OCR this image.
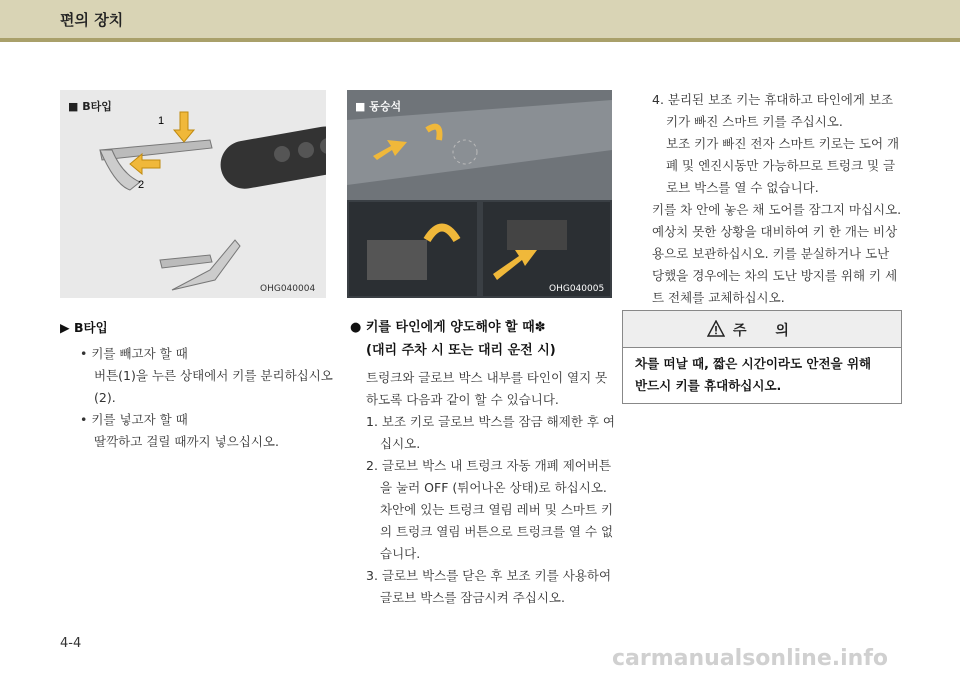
편의 장치
■ B타입
1
2
OHG040004
■ 동승석
OHG040005
▶ B타입
• 키를 빼고자 할 때
버튼(1)을 누른 상태에서 키를 분리하십시오
(2).
• 키를 넣고자 할 때
딸깍하고 걸릴 때까지 넣으십시오.
● 키를 타인에게 양도해야 할 때✽
(대리 주차 시 또는 대리 운전 시)
트렁크와 글로브 박스 내부를 타인이 열지 못
하도록 다음과 같이 할 수 있습니다.
1. 보조 키로 글로브 박스를 잠금 해제한 후 여
십시오.
2. 글로브 박스 내 트렁크 자동 개폐 제어버튼
을 눌러 OFF (튀어나온 상태)로 하십시오.
차안에 있는 트렁크 열림 레버 및 스마트 키
의 트렁크 열림 버튼으로 트렁크를 열 수 없
습니다.
3. 글로브 박스를 닫은 후 보조 키를 사용하여
글로브 박스를 잠금시켜 주십시오.
4. 분리된 보조 키는 휴대하고 타인에게 보조
키가 빠진 스마트 키를 주십시오.
보조 키가 빠진 전자 스마트 키로는 도어 개
폐 및 엔진시동만 가능하므로 트렁크 및 글
로브 박스를 열 수 없습니다.
키를 차 안에 놓은 채 도어를 잠그지 마십시오.
예상치 못한 상황을 대비하여 키 한 개는 비상
용으로 보관하십시오. 키를 분실하거나 도난
당했을 경우에는 차의 도난 방지를 위해 키 세
트 전체를 교체하십시오.
주 의
차를 떠날 때, 짧은 시간이라도 안전을 위해
반드시 키를 휴대하십시오.
4-4
carmanualsonline.info
